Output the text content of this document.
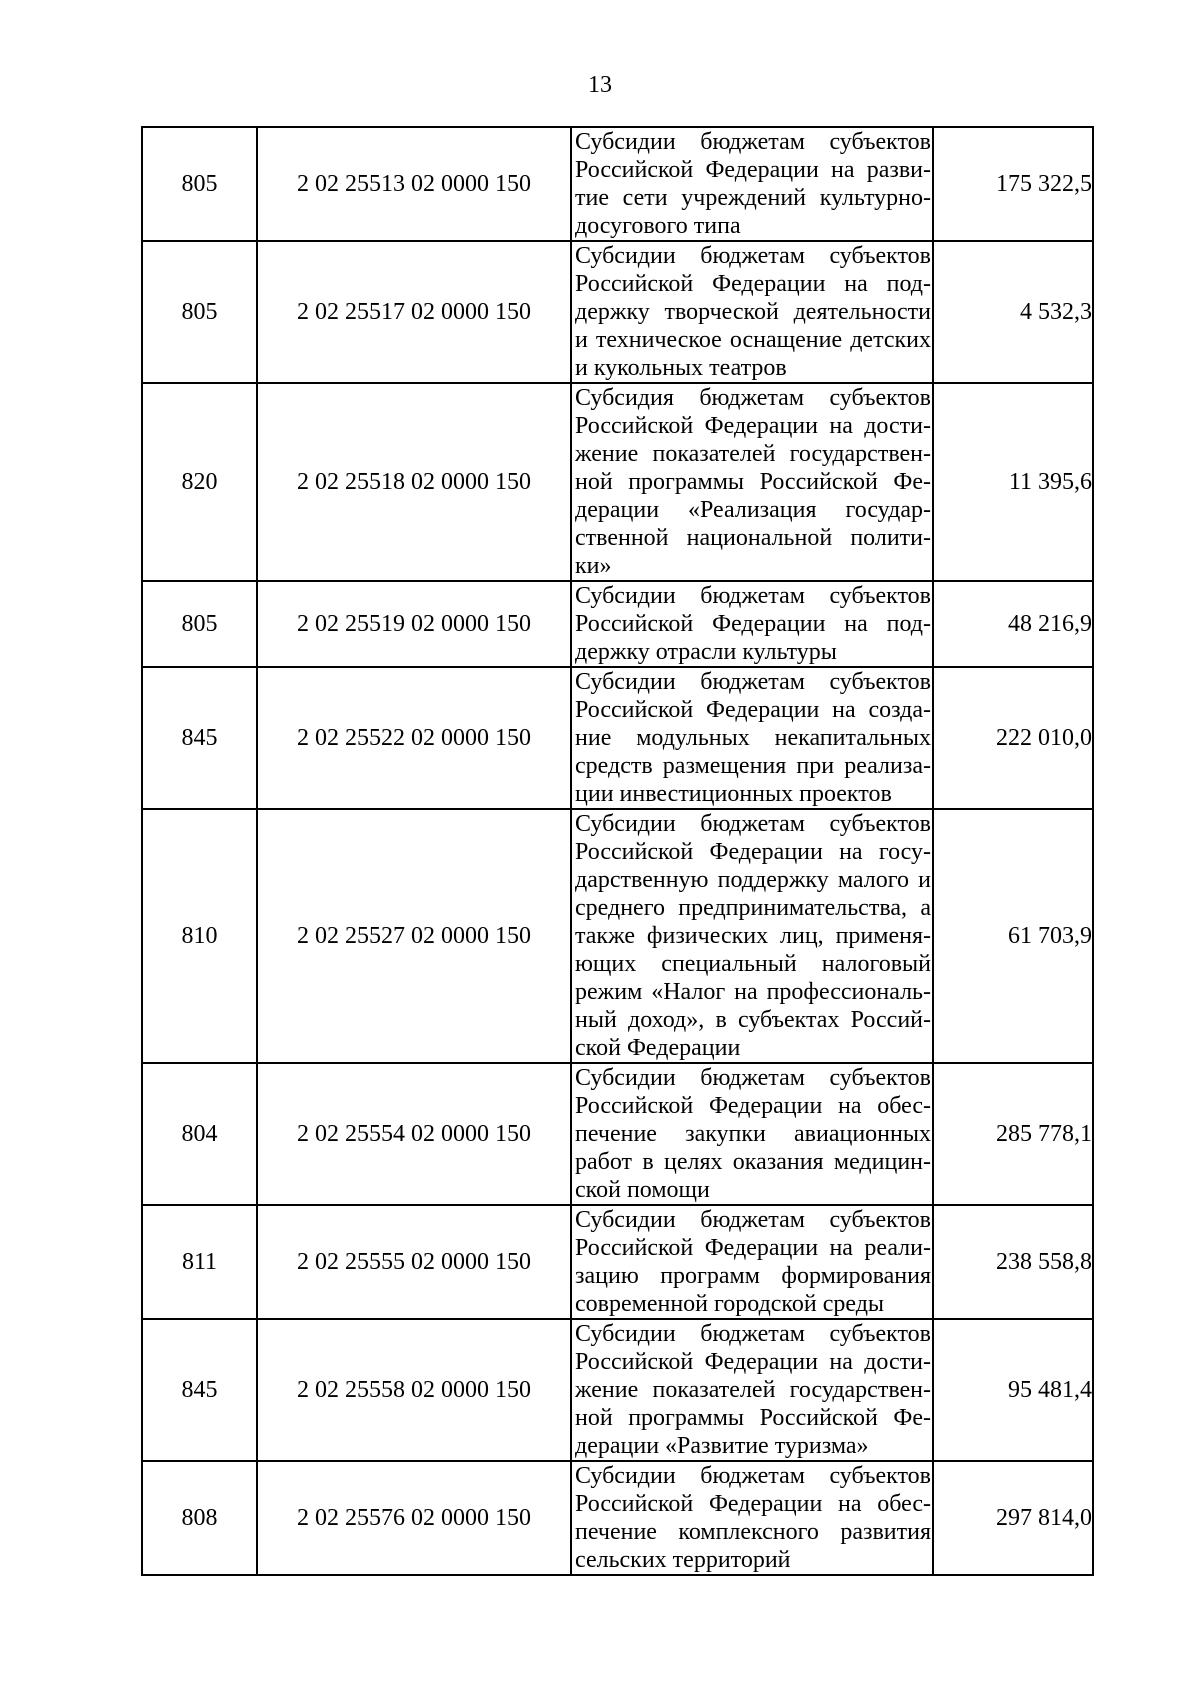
13
805	2 02 25513 02 0000 150	Субсидии бюджетам субъектов Российской Федерации на разви-тие сети учреждений культурно-досугового типа	175 322,5
805	2 02 25517 02 0000 150	Субсидии бюджетам субъектов Российской Федерации на под-держку творческой деятельности и техническое оснащение детских и кукольных театров	4 532,3
820	2 02 25518 02 0000 150	Субсидия бюджетам субъектов Российской Федерации на дости-жение показателей государствен-ной программы Российской Фе-дерации «Реализация государ-ственной национальной полити-ки»	11 395,6
805	2 02 25519 02 0000 150	Субсидии бюджетам субъектов Российской Федерации на под-держку отрасли культуры	48 216,9
845	2 02 25522 02 0000 150	Субсидии бюджетам субъектов Российской Федерации на созда-ние модульных некапитальных средств размещения при реализа-ции инвестиционных проектов	222 010,0
810	2 02 25527 02 0000 150	Субсидии бюджетам субъектов Российской Федерации на госу-дарственную поддержку малого и среднего предпринимательства, а также физических лиц, применя-ющих специальный налоговый режим «Налог на профессиональ-ный доход», в субъектах Россий-ской Федерации	61 703,9
804	2 02 25554 02 0000 150	Субсидии бюджетам субъектов Российской Федерации на обес-печение закупки авиационных работ в целях оказания медицин-ской помощи	285 778,1
811	2 02 25555 02 0000 150	Субсидии бюджетам субъектов Российской Федерации на реали-зацию программ формирования современной городской среды	238 558,8
845	2 02 25558 02 0000 150	Субсидии бюджетам субъектов Российской Федерации на дости-жение показателей государствен-ной программы Российской Фе-дерации «Развитие туризма»	95 481,4
808	2 02 25576 02 0000 150	Субсидии бюджетам субъектов Российской Федерации на обес-печение комплексного развития сельских территорий	297 814,0
